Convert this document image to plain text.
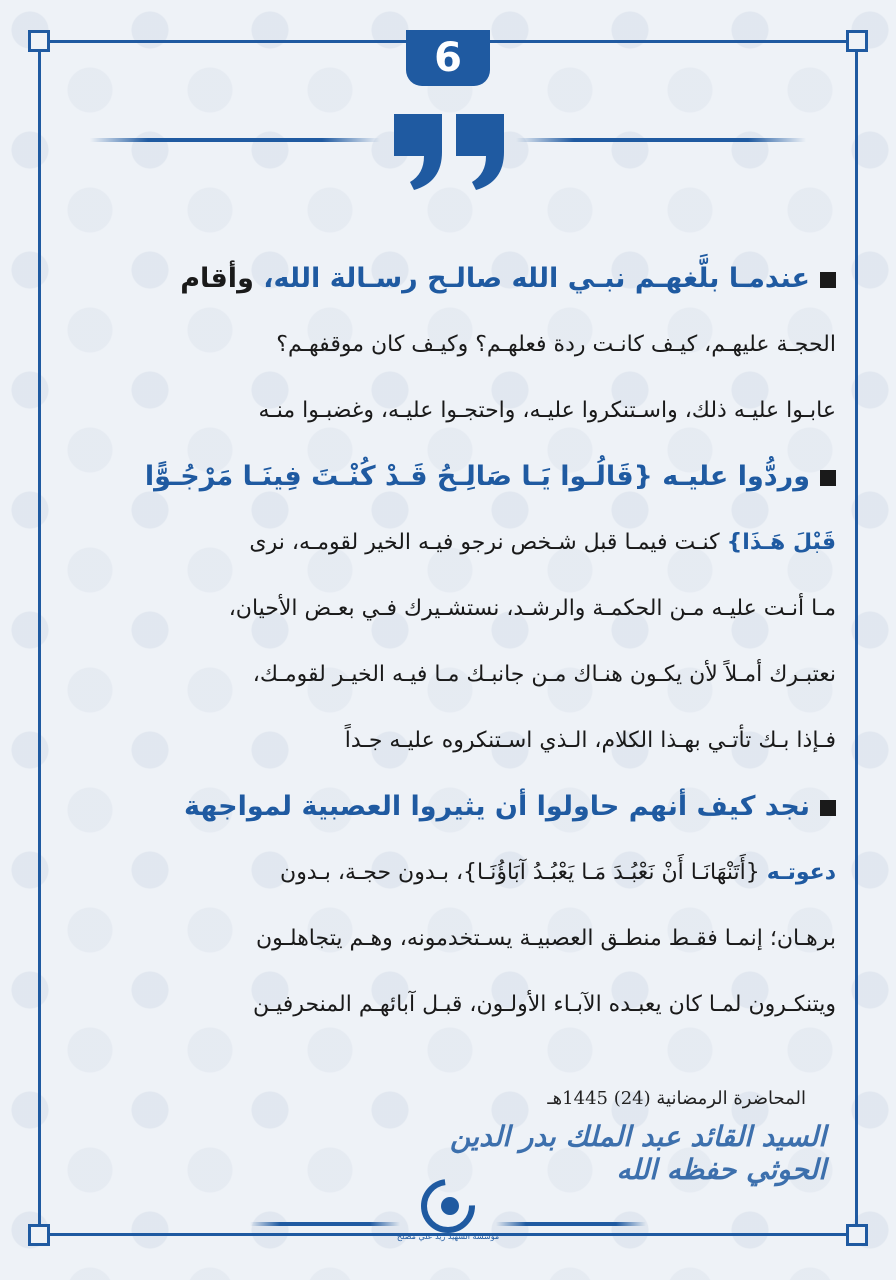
6
عندمـا بلَّغهـم نبـي الله صالـح رسـالة الله، وأقام
الحجـة عليهـم، كيـف كانـت ردة فعلهـم؟ وكيـف كان موقفهـم؟
عابـوا عليـه ذلك، واسـتنكروا عليـه، واحتجـوا عليـه، وغضبـوا منـه
وردُّوا عليـه {قَالُـوا يَـا صَالِـحُ قَـدْ كُنْـتَ فِينَـا مَرْجُـوًّا
قَبْلَ هَـذَا} كنـت فيمـا قبل شـخص نرجو فيـه الخير لقومـه، نرى
مـا أنـت عليـه مـن الحكمـة والرشـد، نستشـيرك فـي بعـض الأحيان،
نعتبـرك أمـلاً لأن يكـون هنـاك مـن جانبـك مـا فيـه الخيـر لقومـك،
فـإذا بـك تأتـي بهـذا الكلام، الـذي اسـتنكروه عليـه جـداً
نجد كيف أنهم حاولوا أن يثيروا العصبية لمواجهة
دعوتـه {أَتَنْهَانَـا أَنْ نَعْبُـدَ مَـا يَعْبُـدُ آبَاؤُنَـا}، بـدون حجـة، بـدون
برهـان؛ إنمـا فقـط منطـق العصبيـة يسـتخدمونه، وهـم يتجاهلـون
ويتنكـرون لمـا كان يعبـده الآبـاء الأولـون، قبـل آبائهـم المنحرفيـن
المحاضرة الرمضانية (24) 1445هـ
السيد القائد عبد الملك بدر الدين الحوثي حفظه الله
مؤسسة الشهيد زيد علي مصلح
